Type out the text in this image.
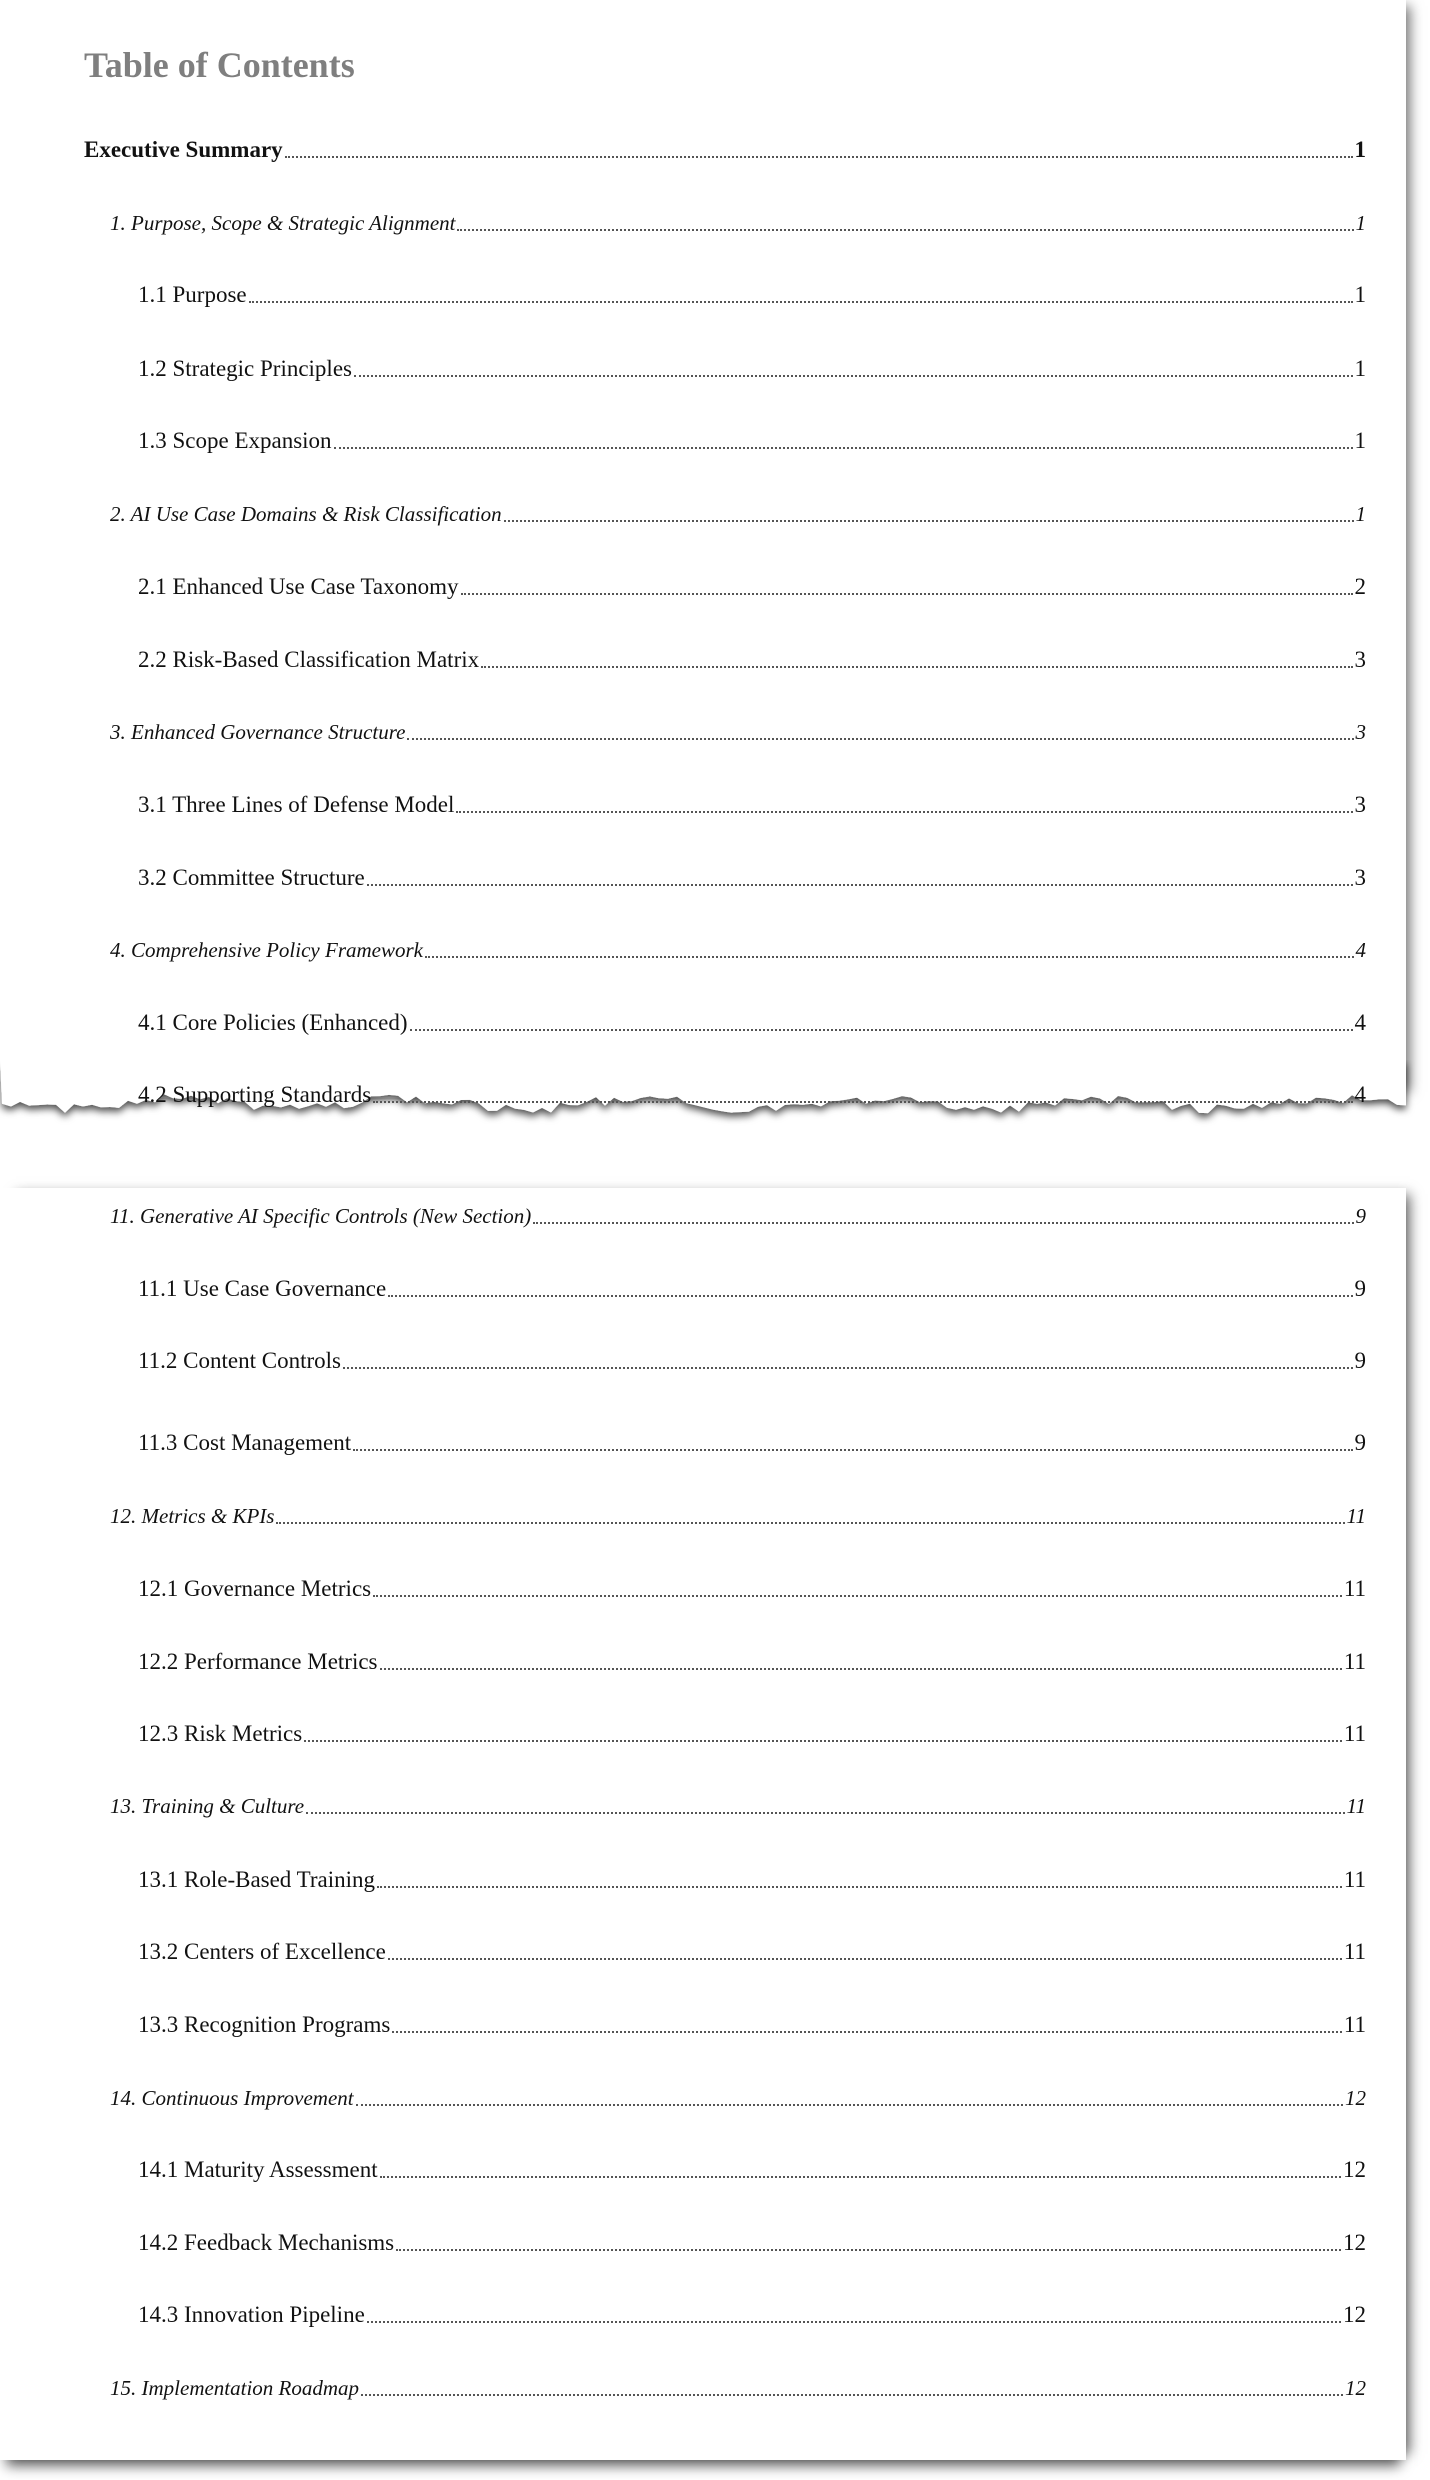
Table of Contents
Executive Summary	1
1. Purpose, Scope & Strategic Alignment	1
1.1 Purpose	1
1.2 Strategic Principles	1
1.3 Scope Expansion	1
2. AI Use Case Domains & Risk Classification	1
2.1 Enhanced Use Case Taxonomy	2
2.2 Risk-Based Classification Matrix	3
3. Enhanced Governance Structure	3
3.1 Three Lines of Defense Model	3
3.2 Committee Structure	3
4. Comprehensive Policy Framework	4
4.1 Core Policies (Enhanced)	4
4.2 Supporting Standards	4
11. Generative AI Specific Controls (New Section)	9
11.1 Use Case Governance	9
11.2 Content Controls	9
11.3 Cost Management	9
12. Metrics & KPIs	11
12.1 Governance Metrics	11
12.2 Performance Metrics	11
12.3 Risk Metrics	11
13. Training & Culture	11
13.1 Role-Based Training	11
13.2 Centers of Excellence	11
13.3 Recognition Programs	11
14. Continuous Improvement	12
14.1 Maturity Assessment	12
14.2 Feedback Mechanisms	12
14.3 Innovation Pipeline	12
15. Implementation Roadmap	12
